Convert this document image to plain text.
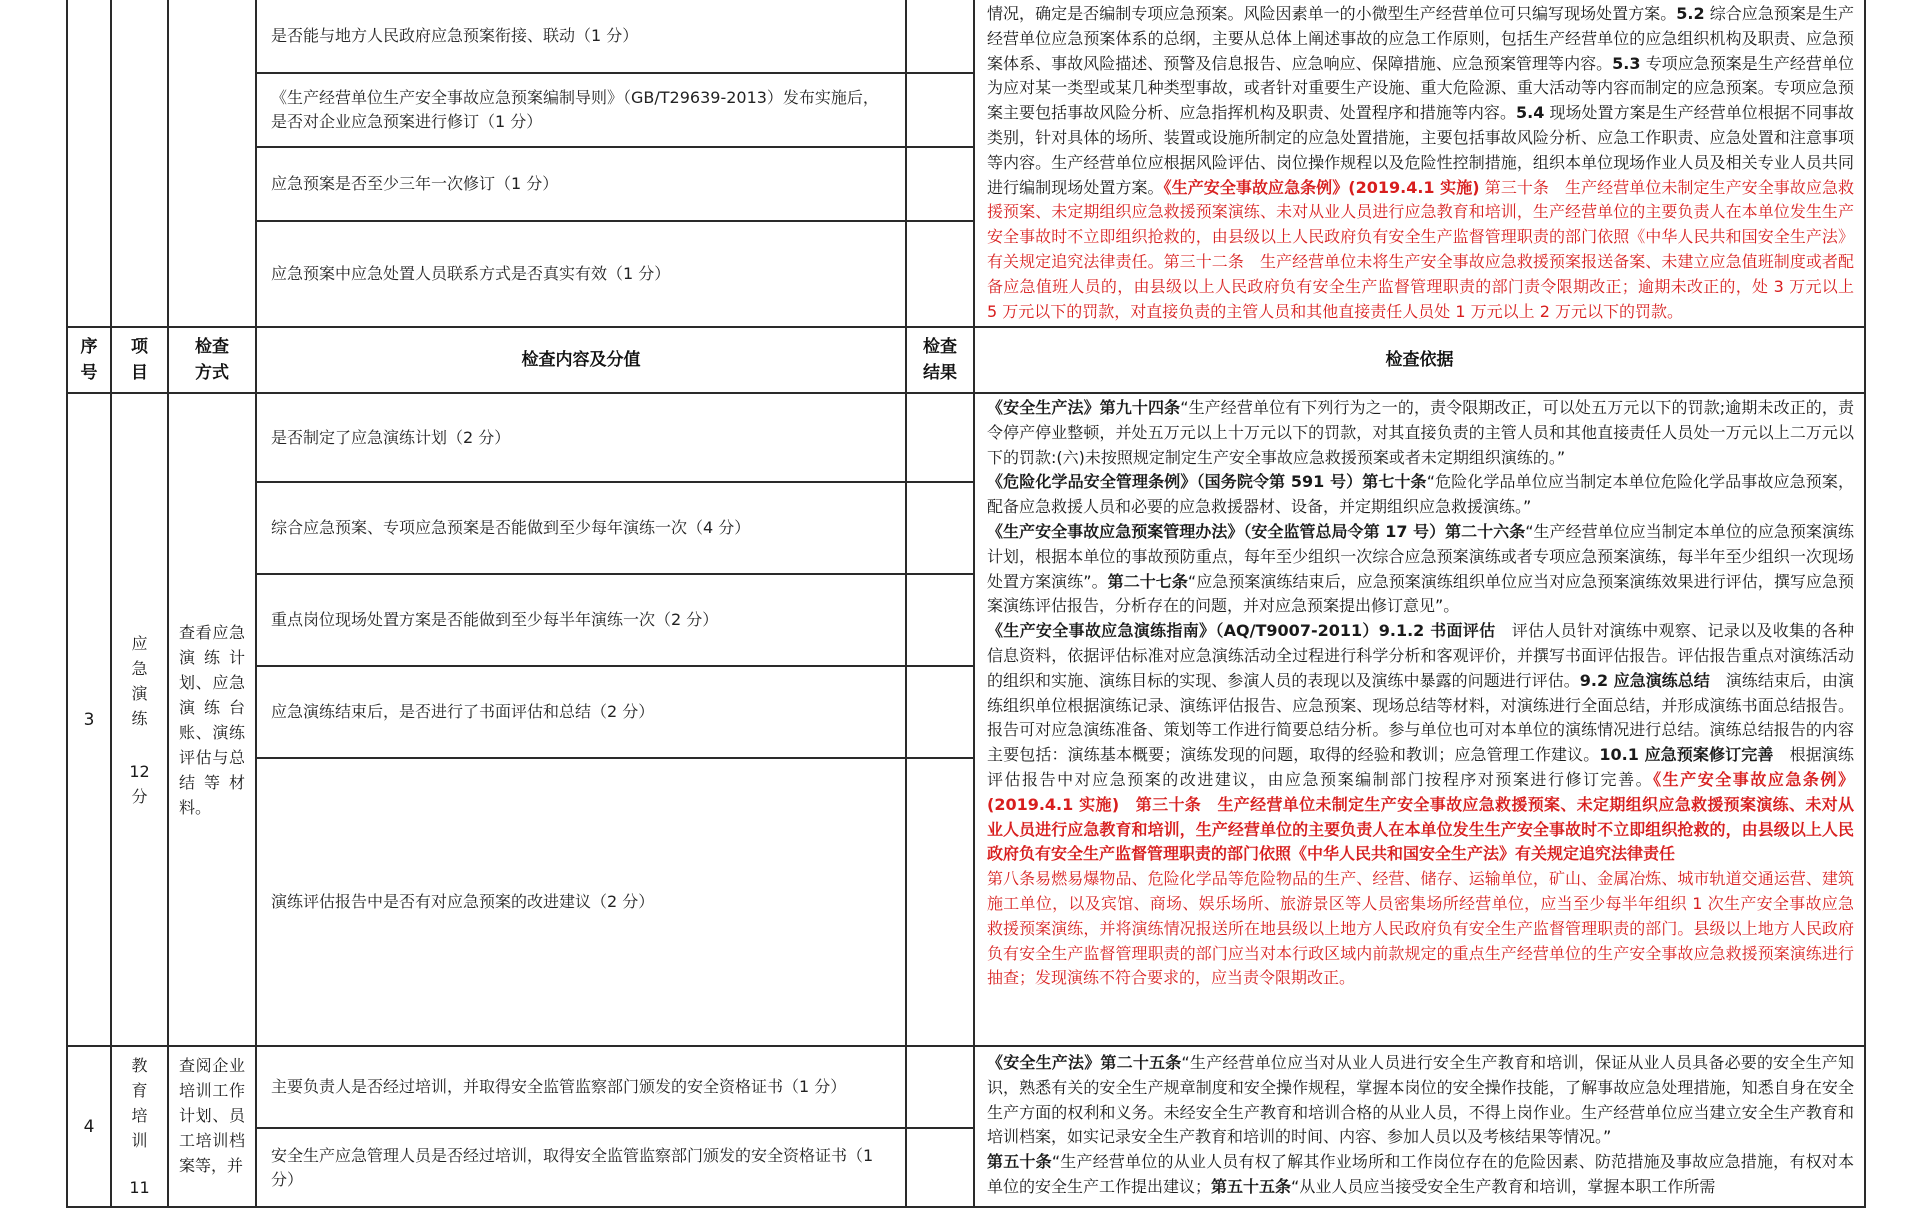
是否能与地方人民政府应急预案衔接、联动（1 分）
《生产经营单位生产安全事故应急预案编制导则》（GB/T29639-2013）发布实施后，是否对企业应急预案进行修订（1 分）
应急预案是否至少三年一次修订（1 分）
应急预案中应急处置人员联系方式是否真实有效（1 分）
情况，确定是否编制专项应急预案。风险因素单一的小微型生产经营单位可只编写现场处置方案。5.2 综合应急预案是生产经营单位应急预案体系的总纲，主要从总体上阐述事故的应急工作原则，包括生产经营单位的应急组织机构及职责、应急预案体系、事故风险描述、预警及信息报告、应急响应、保障措施、应急预案管理等内容。5.3 专项应急预案是生产经营单位为应对某一类型或某几种类型事故，或者针对重要生产设施、重大危险源、重大活动等内容而制定的应急预案。专项应急预案主要包括事故风险分析、应急指挥机构及职责、处置程序和措施等内容。5.4 现场处置方案是生产经营单位根据不同事故类别，针对具体的场所、装置或设施所制定的应急处置措施，主要包括事故风险分析、应急工作职责、应急处置和注意事项等内容。生产经营单位应根据风险评估、岗位操作规程以及危险性控制措施，组织本单位现场作业人员及相关专业人员共同进行编制现场处置方案。《生产安全事故应急条例》(2019.4.1 实施) 第三十条　生产经营单位未制定生产安全事故应急救援预案、未定期组织应急救援预案演练、未对从业人员进行应急教育和培训，生产经营单位的主要负责人在本单位发生生产安全事故时不立即组织抢救的，由县级以上人民政府负有安全生产监督管理职责的部门依照《中华人民共和国安全生产法》有关规定追究法律责任。第三十二条　生产经营单位未将生产安全事故应急救援预案报送备案、未建立应急值班制度或者配备应急值班人员的，由县级以上人民政府负有安全生产监督管理职责的部门责令限期改正；逾期未改正的，处 3 万元以上 5 万元以下的罚款，对直接负责的主管人员和其他直接责任人员处 1 万元以上 2 万元以下的罚款。
序
号
项
目
检查
方式
检查内容及分值
检查
结果
检查依据
3
应急演练
12分
查看应急演练计划、应急演练台账、演练评估与总结等材料。
是否制定了应急演练计划（2 分）
综合应急预案、专项应急预案是否能做到至少每年演练一次（4 分）
重点岗位现场处置方案是否能做到至少每半年演练一次（2 分）
应急演练结束后，是否进行了书面评估和总结（2 分）
演练评估报告中是否有对应急预案的改进建议（2 分）
《安全生产法》第九十四条“生产经营单位有下列行为之一的，责令限期改正，可以处五万元以下的罚款;逾期未改正的，责令停产停业整顿，并处五万元以上十万元以下的罚款，对其直接负责的主管人员和其他直接责任人员处一万元以上二万元以下的罚款:(六)未按照规定制定生产安全事故应急救援预案或者未定期组织演练的。”
《危险化学品安全管理条例》（国务院令第 591 号）第七十条“危险化学品单位应当制定本单位危险化学品事故应急预案，配备应急救援人员和必要的应急救援器材、设备，并定期组织应急救援演练。”
《生产安全事故应急预案管理办法》（安全监管总局令第 17 号）第二十六条“生产经营单位应当制定本单位的应急预案演练计划，根据本单位的事故预防重点，每年至少组织一次综合应急预案演练或者专项应急预案演练，每半年至少组织一次现场处置方案演练”。第二十七条“应急预案演练结束后，应急预案演练组织单位应当对应急预案演练效果进行评估，撰写应急预案演练评估报告，分析存在的问题，并对应急预案提出修订意见”。
《生产安全事故应急演练指南》（AQ/T9007-2011）9.1.2 书面评估　评估人员针对演练中观察、记录以及收集的各种信息资料，依据评估标准对应急演练活动全过程进行科学分析和客观评价，并撰写书面评估报告。评估报告重点对演练活动的组织和实施、演练目标的实现、参演人员的表现以及演练中暴露的问题进行评估。9.2 应急演练总结　演练结束后，由演练组织单位根据演练记录、演练评估报告、应急预案、现场总结等材料，对演练进行全面总结，并形成演练书面总结报告。报告可对应急演练准备、策划等工作进行简要总结分析。参与单位也可对本单位的演练情况进行总结。演练总结报告的内容主要包括：演练基本概要；演练发现的问题，取得的经验和教训；应急管理工作建议。10.1 应急预案修订完善　根据演练评估报告中对应急预案的改进建议，由应急预案编制部门按程序对预案进行修订完善。《生产安全事故应急条例》(2019.4.1 实施)　第三十条　生产经营单位未制定生产安全事故应急救援预案、未定期组织应急救援预案演练、未对从业人员进行应急教育和培训，生产经营单位的主要负责人在本单位发生生产安全事故时不立即组织抢救的，由县级以上人民政府负有安全生产监督管理职责的部门依照《中华人民共和国安全生产法》有关规定追究法律责任
第八条易燃易爆物品、危险化学品等危险物品的生产、经营、储存、运输单位，矿山、金属冶炼、城市轨道交通运营、建筑施工单位，以及宾馆、商场、娱乐场所、旅游景区等人员密集场所经营单位，应当至少每半年组织 1 次生产安全事故应急救援预案演练，并将演练情况报送所在地县级以上地方人民政府负有安全生产监督管理职责的部门。县级以上地方人民政府负有安全生产监督管理职责的部门应当对本行政区域内前款规定的重点生产经营单位的生产安全事故应急救援预案演练进行抽查；发现演练不符合要求的，应当责令限期改正。
4
教育培训
11
查阅企业培训工作计划、员工培训档案等，并
主要负责人是否经过培训，并取得安全监管监察部门颁发的安全资格证书（1 分）
安全生产应急管理人员是否经过培训，取得安全监管监察部门颁发的安全资格证书（1 分）
《安全生产法》第二十五条“生产经营单位应当对从业人员进行安全生产教育和培训，保证从业人员具备必要的安全生产知识，熟悉有关的安全生产规章制度和安全操作规程，掌握本岗位的安全操作技能，了解事故应急处理措施，知悉自身在安全生产方面的权利和义务。未经安全生产教育和培训合格的从业人员，不得上岗作业。生产经营单位应当建立安全生产教育和培训档案，如实记录安全生产教育和培训的时间、内容、参加人员以及考核结果等情况。”
第五十条“生产经营单位的从业人员有权了解其作业场所和工作岗位存在的危险因素、防范措施及事故应急措施，有权对本单位的安全生产工作提出建议；第五十五条“从业人员应当接受安全生产教育和培训，掌握本职工作所需
